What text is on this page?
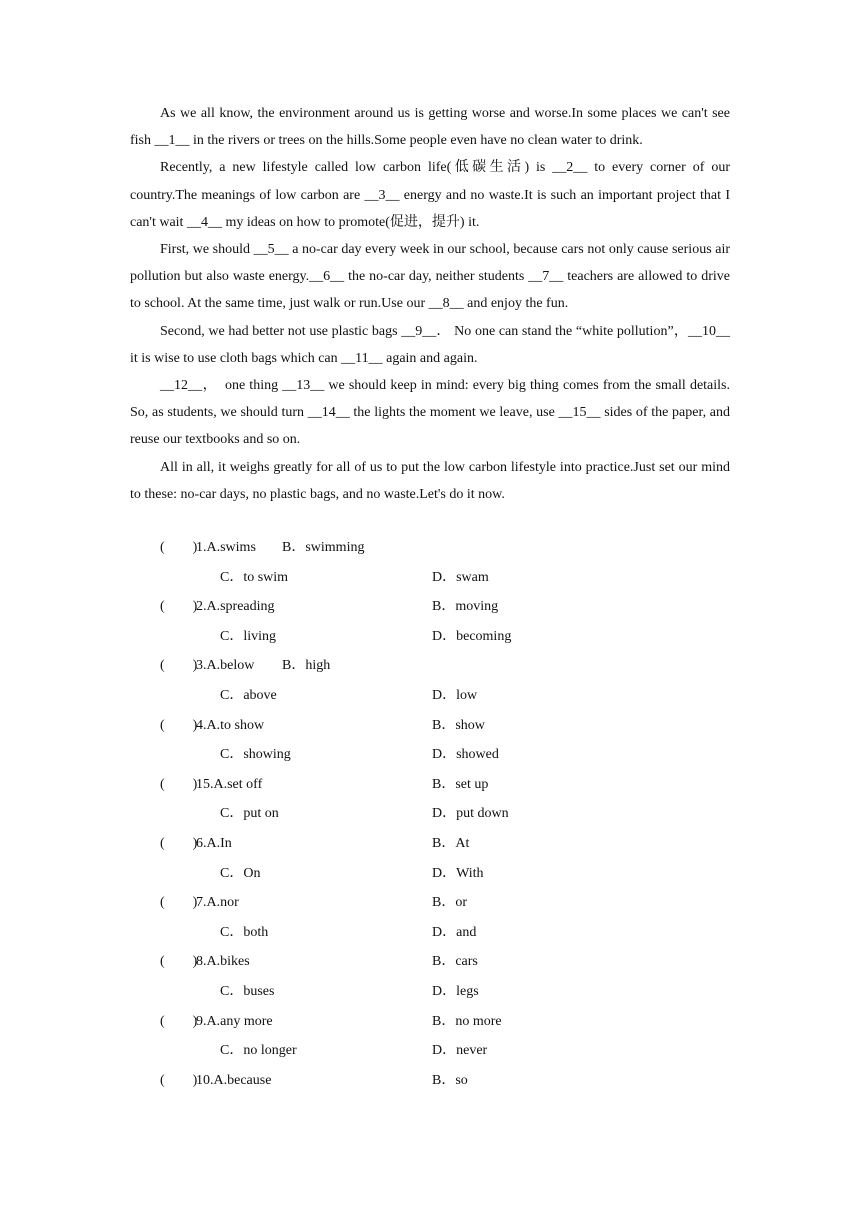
As we all know, the environment around us is getting worse and worse.In some places we can't see fish __1__ in the rivers or trees on the hills.Some people even have no clean water to drink.

Recently, a new lifestyle called low carbon life(低碳生活) is __2__ to every corner of our country.The meanings of low carbon are __3__ energy and no waste.It is such an important project that I can't wait __4__ my ideas on how to promote(促进，提升) it.

First, we should __5__ a no-car day every week in our school, because cars not only cause serious air pollution but also waste energy.__6__ the no-car day, neither students __7__ teachers are allowed to drive to school. At the same time, just walk or run.Use our __8__ and enjoy the fun.

Second, we had better not use plastic bags __9__． No one can stand the “white pollution”，__10__ it is wise to use cloth bags which can __11__ again and again.

__12__，　one thing __13__ we should keep in mind: every big thing comes from the small details. So, as students, we should turn __14__ the lights the moment we leave, use __15__ sides of the paper, and reuse our textbooks and so on.

All in all, it weighs greatly for all of us to put the low carbon lifestyle into practice.Just set our mind to these: no-car days, no plastic bags, and no waste.Let's do it now.

(　　)
1.A.swims B．swimming
C．to swim	D．swam
(　　)
2.A.spreading	B．moving
C．living	D．becoming
(　　)
3.A.below B．high
C．above	D．low
(　　)
4.A.to show	B．show
C．showing	D．showed
(　　)
15.A.set off	B．set up
C．put on	D．put down
(　　)
6.A.In	B．At
C．On	D．With
(　　)
7.A.nor	B．or
C．both	D．and
(　　)
8.A.bikes	B．cars
C．buses	D．legs
(　　)
9.A.any more	B．no more
C．no longer	D．never
(　　)
10.A.because	B．so
